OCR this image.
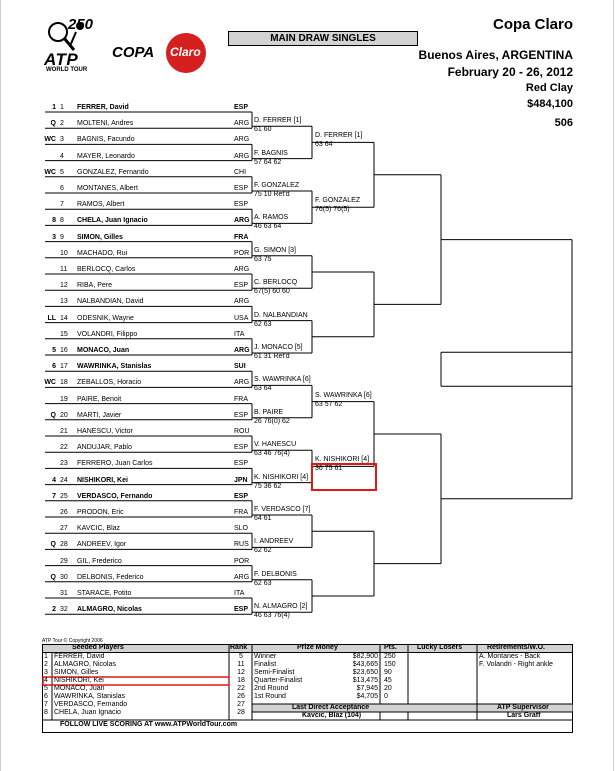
250
ATP
WORLD TOUR
COPA Claro
MAIN DRAW SINGLES
Copa Claro
Buenos Aires, ARGENTINA
February 20 - 26, 2012
Red Clay
$484,100
506
1 1 FERRER, David	ESP
Q 2 MOLTENI, Andres	ARG
WC 3 BAGNIS, Facundo	ARG
4 MAYER, Leonardo	ARG
WC 5 GONZALEZ, Fernando	CHI
6 MONTANES, Albert	ESP
7 RAMOS, Albert	ESP
8 8 CHELA, Juan Ignacio	ARG
3 9 SIMON, Gilles	FRA
10 MACHADO, Rui	POR
11 BERLOCQ, Carlos	ARG
12 RIBA, Pere	ESP
13 NALBANDIAN, David	ARG
LL 14 ODESNIK, Wayne	USA
15 VOLANDRI, Filippo	ITA
5 16 MONACO, Juan	ARG
6 17 WAWRINKA, Stanislas	SUI
WC 18 ZEBALLOS, Horacio	ARG
19 PAIRE, Benoit	FRA
Q 20 MARTI, Javier	ESP
21 HANESCU, Victor	ROU
22 ANDUJAR, Pablo	ESP
23 FERRERO, Juan Carlos	ESP
4 24 NISHIKORI, Kei	JPN
7 25 VERDASCO, Fernando	ESP
26 PRODON, Eric	FRA
27 KAVCIC, Blaz	SLO
Q 28 ANDREEV, Igor	RUS
29 GIL, Frederico	POR
Q 30 DELBONIS, Federico	ARG
31 STARACE, Potito	ITA
2 32 ALMAGRO, Nicolas	ESP
D. FERRER [1]
61 60
F. BAGNIS
57 64 62
F. GONZALEZ
75 10 Ret'd
A. RAMOS
46 63 64
G. SIMON [3]
63 75
C. BERLOCQ
67(5) 60 60
D. NALBANDIAN
62 63
J. MONACO [5]
61 31 Ret'd
S. WAWRINKA [6]
63 64
B. PAIRE
26 76(0) 62
V. HANESCU
63 46 76(4)
K. NISHIKORI [4]
75 36 62
F. VERDASCO [7]
64 61
I. ANDREEV
62 62
F. DELBONIS
62 63
N. ALMAGRO [2]
46 63 76(4)
D. FERRER [1]
63 64
F. GONZALEZ
76(5) 76(5)
S. WAWRINKA [6]
63 57 62
K. NISHIKORI [4]
36 75 61
ATP Tour © Copyright 2006
Seeded Players	Rank	Prize Money	Pts.	Lucky Losers	Retirements/W.O.
1 FERRER, David	5
2 ALMAGRO, Nicolas	11
3 SIMON, Gilles	12
4 NISHIKORI, Kei	18
5 MONACO, Juan	22
6 WAWRINKA, Stanislas	26
7 VERDASCO, Fernando	27
8 CHELA, Juan Ignacio	28
Winner	$82,900 250
Finalist	$43,665 150
Semi-Finalist	$23,650 90
Quarter-Finalist	$13,475 45
2nd Round	$7,945 20
1st Round	$4,705 0
A. Montanes - Back
F. Volandri - Right ankle
Last Direct Acceptance
Kavcic, Blaz (104)
ATP Supervisor
Lars Graff
FOLLOW LIVE SCORING AT www.ATPWorldTour.com
